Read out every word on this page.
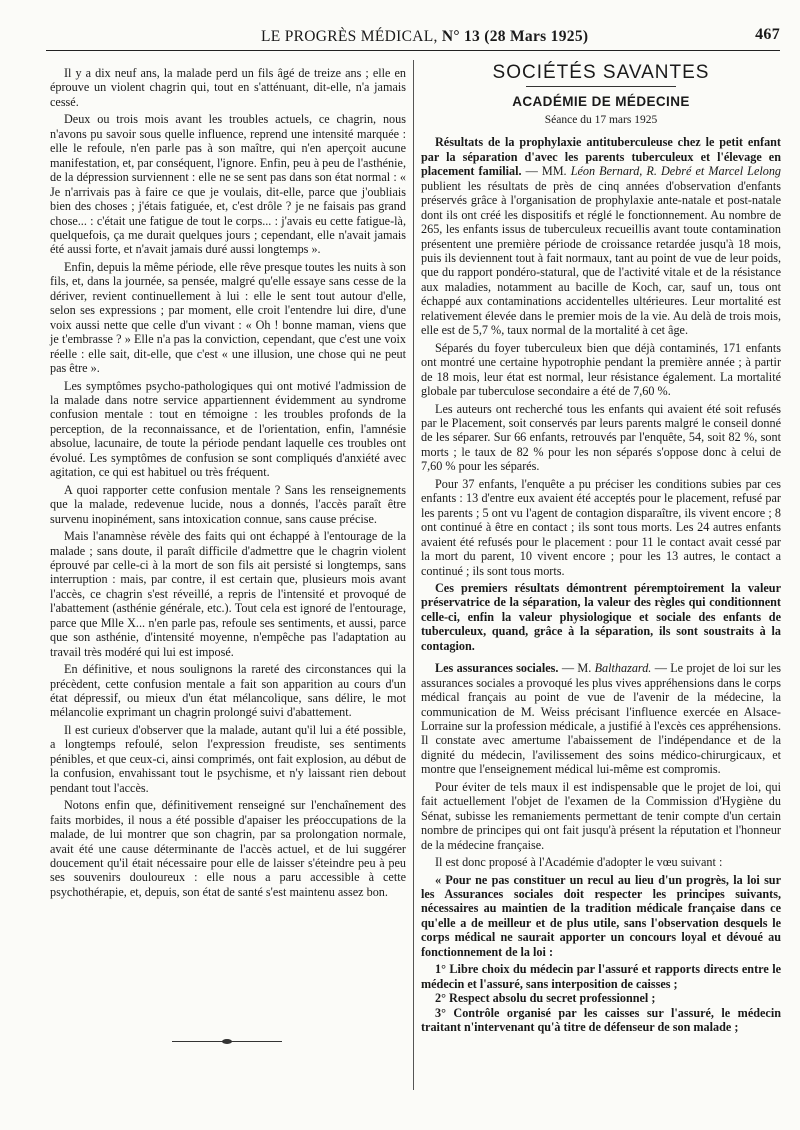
LE PROGRÈS MÉDICAL, N° 13 (28 Mars 1925)	467

Il y a dix neuf ans, la malade perd un fils âgé de treize ans ; elle en éprouve un violent chagrin qui, tout en s'atténuant, dit-elle, n'a jamais cessé.

Deux ou trois mois avant les troubles actuels, ce chagrin, nous n'avons pu savoir sous quelle influence, reprend une intensité marquée : elle le refoule, n'en parle pas à son maître, qui n'en aperçoit aucune manifestation, et, par conséquent, l'ignore. Enfin, peu à peu de l'asthénie, de la dépression surviennent : elle ne se sent pas dans son état normal : « Je n'arrivais pas à faire ce que je voulais, dit-elle, parce que j'oubliais bien des choses ; j'étais fatiguée, et, c'est drôle ? je ne faisais pas grand chose... : c'était une fatigue de tout le corps... : j'avais eu cette fatigue-là, quelquefois, ça me durait quelques jours ; cependant, elle n'avait jamais été aussi forte, et n'avait jamais duré aussi longtemps ».

Enfin, depuis la même période, elle rêve presque toutes les nuits à son fils, et, dans la journée, sa pensée, malgré qu'elle essaye sans cesse de la dériver, revient continuellement à lui : elle le sent tout autour d'elle, selon ses expressions ; par moment, elle croit l'entendre lui dire, d'une voix aussi nette que celle d'un vivant : « Oh ! bonne maman, viens que je t'embrasse ? » Elle n'a pas la conviction, cependant, que c'est une voix réelle : elle sait, dit-elle, que c'est « une illusion, une chose qui ne peut pas être ».

Les symptômes psycho-pathologiques qui ont motivé l'admission de la malade dans notre service appartiennent évidemment au syndrome confusion mentale : tout en témoigne : les troubles profonds de la perception, de la reconnaissance, et de l'orientation, enfin, l'amnésie absolue, lacunaire, de toute la période pendant laquelle ces troubles ont évolué. Les symptômes de confusion se sont compliqués d'anxiété avec agitation, ce qui est habituel ou très fréquent.

A quoi rapporter cette confusion mentale ? Sans les renseignements que la malade, redevenue lucide, nous a donnés, l'accès paraît être survenu inopinément, sans intoxication connue, sans cause précise.

Mais l'anamnèse révèle des faits qui ont échappé à l'entourage de la malade ; sans doute, il paraît difficile d'admettre que le chagrin violent éprouvé par celle-ci à la mort de son fils ait persisté si longtemps, sans interruption : mais, par contre, il est certain que, plusieurs mois avant l'accès, ce chagrin s'est réveillé, a repris de l'intensité et provoqué de l'abattement (asthénie générale, etc.). Tout cela est ignoré de l'entourage, parce que Mlle X... n'en parle pas, refoule ses sentiments, et aussi, parce que son asthénie, d'intensité moyenne, n'empêche pas l'adaptation au travail très modéré qui lui est imposé.

En définitive, et nous soulignons la rareté des circonstances qui la précèdent, cette confusion mentale a fait son apparition au cours d'un état dépressif, ou mieux d'un état mélancolique, sans délire, le mot mélancolie exprimant un chagrin prolongé suivi d'abattement.

Il est curieux d'observer que la malade, autant qu'il lui a été possible, a longtemps refoulé, selon l'expression freudiste, ses sentiments pénibles, et que ceux-ci, ainsi comprimés, ont fait explosion, au début de la confusion, envahissant tout le psychisme, et n'y laissant rien debout pendant tout l'accès.

Notons enfin que, définitivement renseigné sur l'enchaînement des faits morbides, il nous a été possible d'apaiser les préoccupations de la malade, de lui montrer que son chagrin, par sa prolongation normale, avait été une cause déterminante de l'accès actuel, et de lui suggérer doucement qu'il était nécessaire pour elle de laisser s'éteindre peu à peu ses souvenirs douloureux : elle nous a paru accessible à cette psychothérapie, et, depuis, son état de santé s'est maintenu assez bon.

SOCIÉTÉS SAVANTES
ACADÉMIE DE MÉDECINE
Séance du 17 mars 1925

Résultats de la prophylaxie antituberculeuse chez le petit enfant par la séparation d'avec les parents tuberculeux et l'élevage en placement familial. — MM. Léon Bernard, R. Debré et Marcel Lelong publient les résultats de près de cinq années d'observation d'enfants préservés grâce à l'organisation de prophylaxie ante-natale et post-natale dont ils ont créé les dispositifs et réglé le fonctionnement. Au nombre de 265, les enfants issus de tuberculeux recueillis avant toute contamination présentent une première période de croissance retardée jusqu'à 18 mois, puis ils deviennent tout à fait normaux, tant au point de vue de leur poids, que du rapport pondéro-statural, que de l'activité vitale et de la résistance aux maladies, notamment au bacille de Koch, car, sauf un, tous ont échappé aux contaminations accidentelles ultérieures. Leur mortalité est relativement élevée dans le premier mois de la vie. Au delà de trois mois, elle est de 5,7 %, taux normal de la mortalité à cet âge.

Séparés du foyer tuberculeux bien que déjà contaminés, 171 enfants ont montré une certaine hypotrophie pendant la première année ; à partir de 18 mois, leur état est normal, leur résistance également. La mortalité globale par tuberculose secondaire a été de 7,60 %.

Les auteurs ont recherché tous les enfants qui avaient été soit refusés par le Placement, soit conservés par leurs parents malgré le conseil donné de les séparer. Sur 66 enfants, retrouvés par l'enquête, 54, soit 82 %, sont morts ; le taux de 82 % pour les non séparés s'oppose donc à celui de 7,60 % pour les séparés.

Pour 37 enfants, l'enquête a pu préciser les conditions subies par ces enfants : 13 d'entre eux avaient été acceptés pour le placement, refusé par les parents ; 5 ont vu l'agent de contagion disparaître, ils vivent encore ; 8 ont continué à être en contact ; ils sont tous morts. Les 24 autres enfants avaient été refusés pour le placement : pour 11 le contact avait cessé par la mort du parent, 10 vivent encore ; pour les 13 autres, le contact a continué ; ils sont tous morts.

Ces premiers résultats démontrent péremptoirement la valeur préservatrice de la séparation, la valeur des règles qui conditionnent celle-ci, enfin la valeur physiologique et sociale des enfants de tuberculeux, quand, grâce à la séparation, ils sont soustraits à la contagion.

Les assurances sociales. — M. Balthazard. — Le projet de loi sur les assurances sociales a provoqué les plus vives appréhensions dans le corps médical français au point de vue de l'avenir de la médecine, la communication de M. Weiss précisant l'influence exercée en Alsace-Lorraine sur la profession médicale, a justifié à l'excès ces appréhensions. Il constate avec amertume l'abaissement de l'indépendance et de la dignité du médecin, l'avilissement des soins médico-chirurgicaux, et montre que l'enseignement médical lui-même est compromis.

Pour éviter de tels maux il est indispensable que le projet de loi, qui fait actuellement l'objet de l'examen de la Commission d'Hygiène du Sénat, subisse les remaniements permettant de tenir compte d'un certain nombre de principes qui ont fait jusqu'à présent la réputation et l'honneur de la médecine française.

Il est donc proposé à l'Académie d'adopter le vœu suivant :

« Pour ne pas constituer un recul au lieu d'un progrès, la loi sur les Assurances sociales doit respecter les principes suivants, nécessaires au maintien de la tradition médicale française dans ce qu'elle a de meilleur et de plus utile, sans l'observation desquels le corps médical ne saurait apporter un concours loyal et dévoué au fonctionnement de la loi :

1° Libre choix du médecin par l'assuré et rapports directs entre le médecin et l'assuré, sans interposition de caisses ;
2° Respect absolu du secret professionnel ;
3° Contrôle organisé par les caisses sur l'assuré, le médecin traitant n'intervenant qu'à titre de défenseur de son malade ;
